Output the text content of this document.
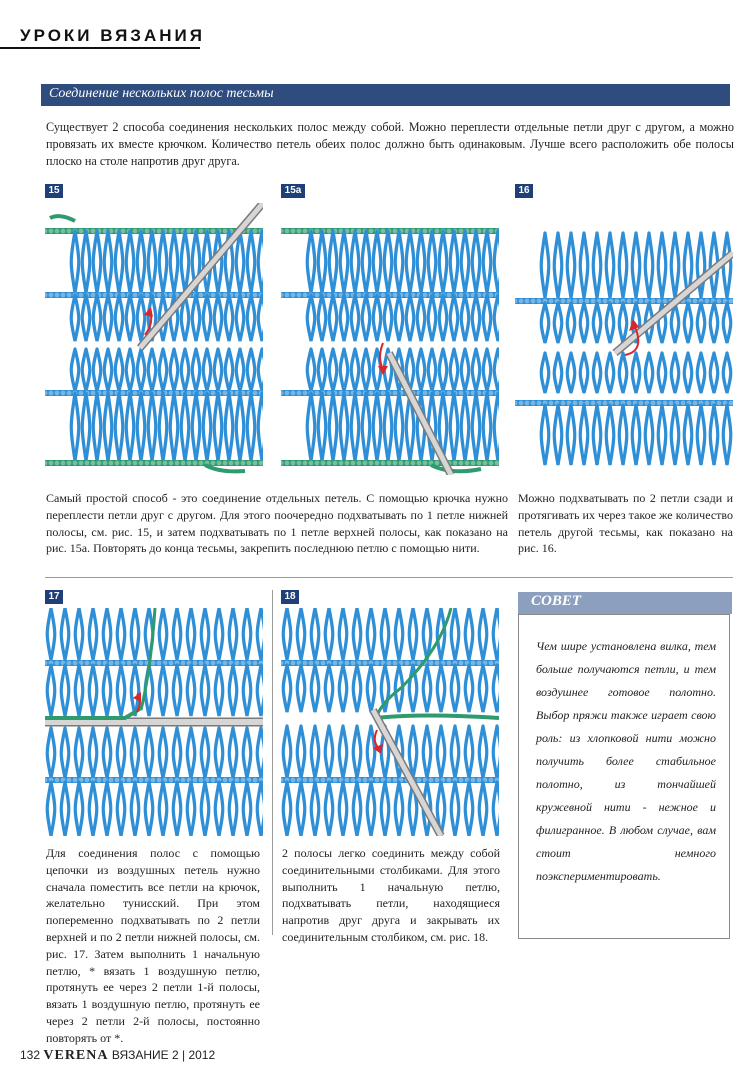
УРОКИ ВЯЗАНИЯ
Соединение нескольких полос тесьмы
Существует 2 способа соединения нескольких полос между собой. Можно переплести отдельные петли друг с другом, а можно провязать их вместе крючком. Количество петель обеих полос должно быть одинаковым. Лучше всего расположить обе полосы плоско на столе напротив друг друга.
15	15a	16
Самый простой способ - это соединение отдельных петель. С помощью крючка нужно переплести петли друг с другом. Для этого поочередно подхватывать по 1 петле нижней полосы, см. рис. 15, и затем подхватывать по 1 петле верхней полосы, как показано на рис. 15а. Повторять до конца тесьмы, закрепить последнюю петлю с помощью нити.
Можно подхватывать по 2 петли сзади и протягивать их через такое же количество петель другой тесьмы, как показано на рис. 16.
17	18
Для соединения полос с помощью цепочки из воздушных петель нужно сначала поместить все петли на крючок, желательно тунисский. При этом попеременно подхватывать по 2 петли верхней и по 2 петли нижней полосы, см. рис. 17. Затем выполнить 1 начальную петлю, * вязать 1 воздушную петлю, протянуть ее через 2 петли 1-й полосы, вязать 1 воздушную петлю, протянуть ее через 2 петли 2-й полосы, постоянно повторять от *.
2 полосы легко соединить между собой соединительными столбиками. Для этого выполнить 1 начальную петлю, подхватывать петли, находящиеся напротив друг друга и закрывать их соединительным столбиком, см. рис. 18.
СОВЕТ
Чем шире установлена вилка, тем больше получаются петли, и тем воздушнее готовое полотно. Выбор пряжи также играет свою роль: из хлопковой нити можно получить более стабильное полотно, из тончайшей кружевной нити - нежное и филигранное. В любом случае, вам стоит немного поэкспериментировать.
132 VERENA ВЯЗАНИЕ 2 | 2012
